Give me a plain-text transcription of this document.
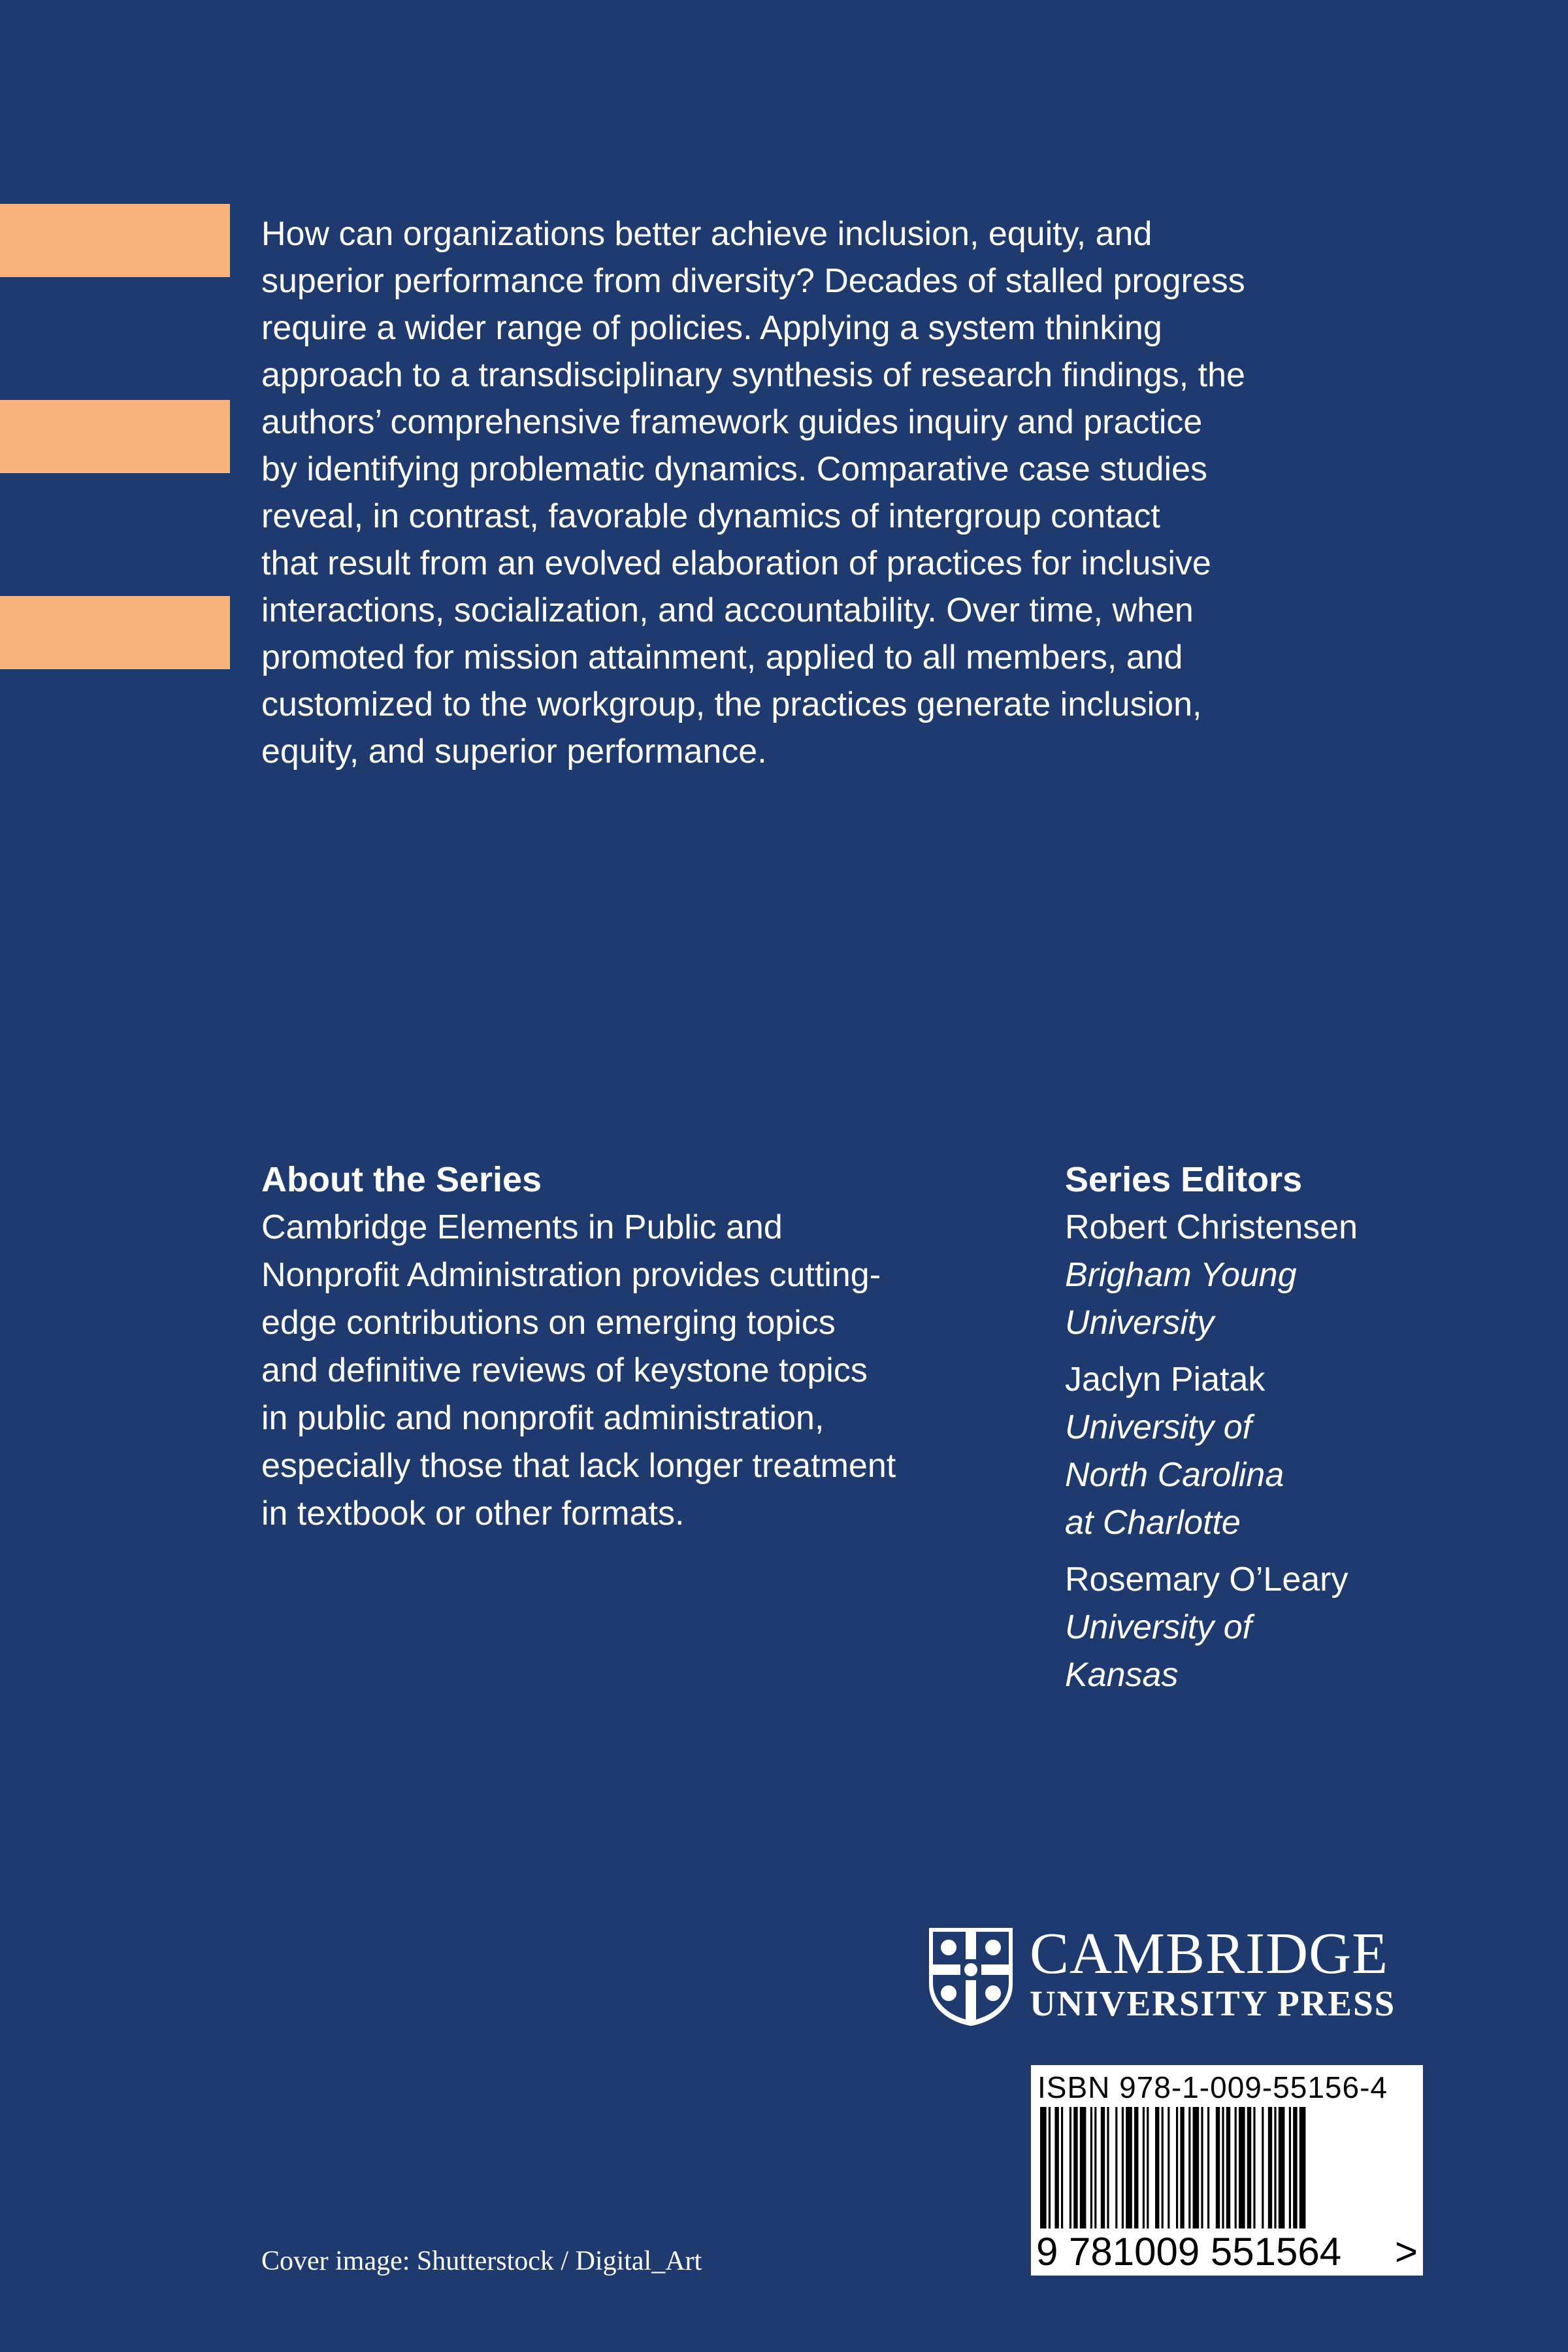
How can organizations better achieve inclusion, equity, and
superior performance from diversity? Decades of stalled progress
require a wider range of policies. Applying a system thinking
approach to a transdisciplinary synthesis of research findings, the
authors’ comprehensive framework guides inquiry and practice
by identifying problematic dynamics. Comparative case studies
reveal, in contrast, favorable dynamics of intergroup contact
that result from an evolved elaboration of practices for inclusive
interactions, socialization, and accountability. Over time, when
promoted for mission attainment, applied to all members, and
customized to the workgroup, the practices generate inclusion,
equity, and superior performance.

About the Series

Cambridge Elements in Public and
Nonprofit Administration provides cutting-
edge contributions on emerging topics
and definitive reviews of keystone topics
in public and nonprofit administration,
especially those that lack longer treatment
in textbook or other formats.

Series Editors

Robert Christensen

Brigham Young

University

Jaclyn Piatak

University of

North Carolina

at Charlotte

Rosemary O’Leary

University of

Kansas

CAMBRIDGE

UNIVERSITY PRESS

ISBN 978-1-009-55156-4

9 781009 551564	>

Cover image: Shutterstock / Digital_Art
